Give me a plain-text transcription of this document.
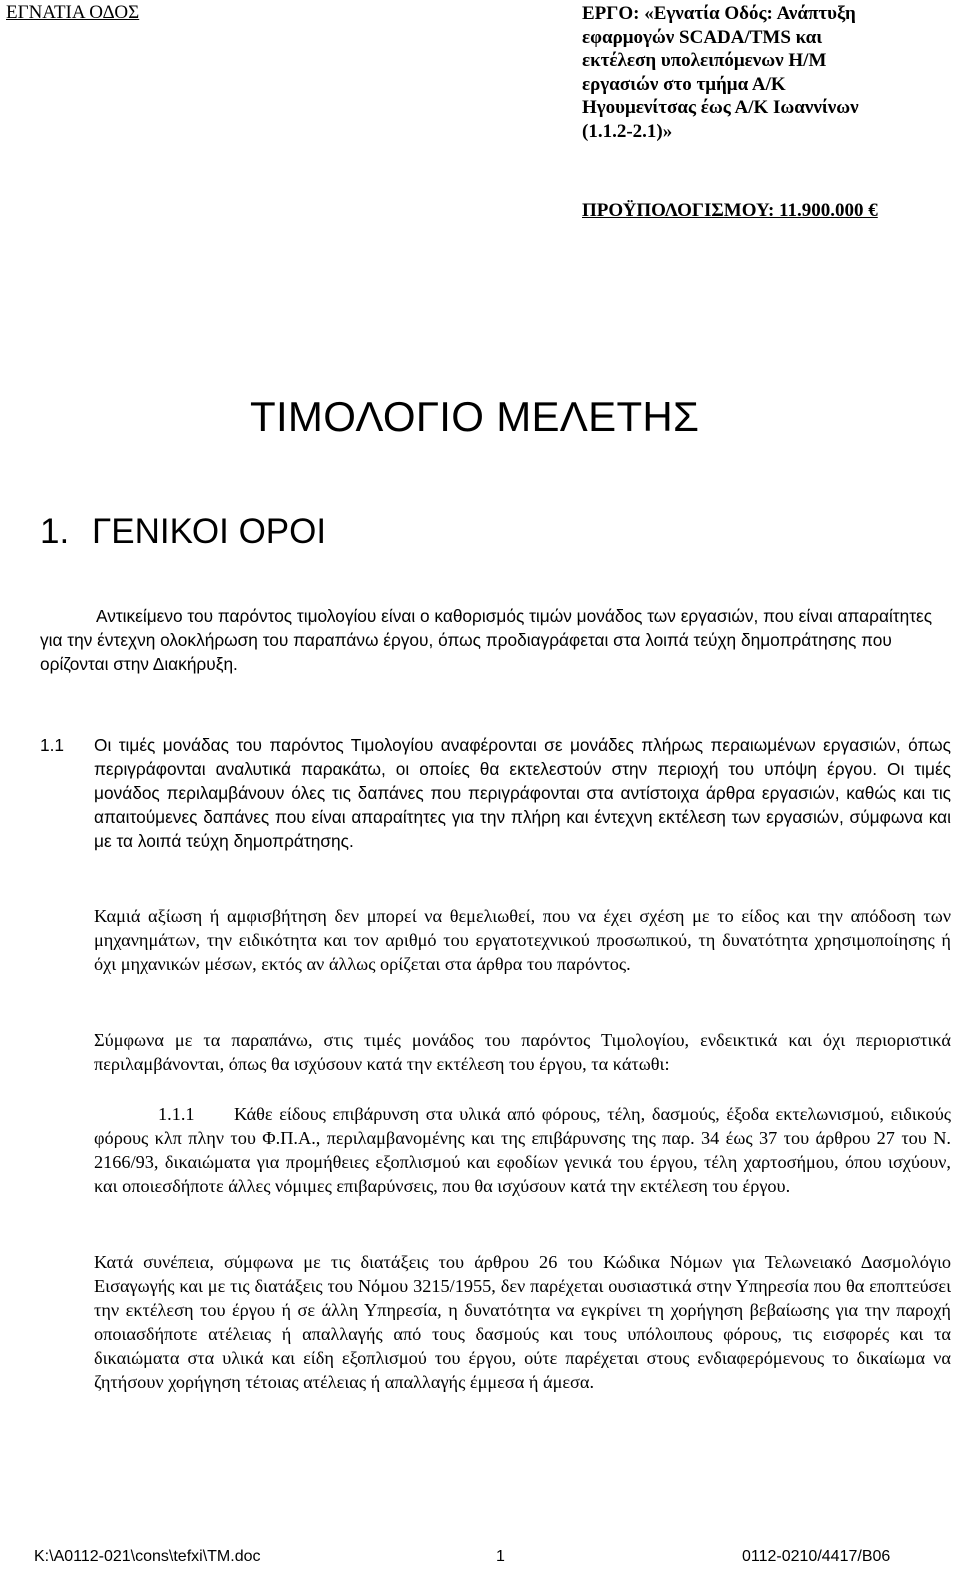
ΕΓΝΑΤΙΑ ΟΔΟΣ	ΕΡΓΟ: «Εγνατία Οδός: Ανάπτυξη
εφαρμογών SCADA/TMS και
εκτέλεση υπολειπόμενων Η/Μ
εργασιών στο τμήμα Α/Κ
Ηγουμενίτσας έως Α/Κ Ιωαννίνων
(1.1.2-2.1)»
ΠΡΟΫΠΟΛΟΓΙΣΜΟΥ: 11.900.000 €
ΤΙΜΟΛΟΓΙΟ ΜΕΛΕΤΗΣ
1. ΓΕΝΙΚΟΙ ΟΡΟΙ

Αντικείμενο του παρόντος τιμολογίου είναι ο καθορισμός τιμών μονάδος των εργασιών, που είναι απαραίτητες για την έντεχνη ολοκλήρωση του παραπάνω έργου, όπως προδιαγράφεται στα λοιπά τεύχη δημοπράτησης που ορίζονται στην Διακήρυξη.

1.1 Οι τιμές μονάδας του παρόντος Τιμολογίου αναφέρονται σε μονάδες πλήρως περαιωμένων εργασιών, όπως περιγράφονται αναλυτικά παρακάτω, οι οποίες θα εκτελεστούν στην περιοχή του υπόψη έργου. Οι τιμές μονάδος περιλαμβάνουν όλες τις δαπάνες που περιγράφονται στα αντίστοιχα άρθρα εργασιών, καθώς και τις απαιτούμενες δαπάνες που είναι απαραίτητες για την πλήρη και έντεχνη εκτέλεση των εργασιών, σύμφωνα και με τα λοιπά τεύχη δημοπράτησης.

Καμιά αξίωση ή αμφισβήτηση δεν μπορεί να θεμελιωθεί, που να έχει σχέση με το είδος και την απόδοση των μηχανημάτων, την ειδικότητα και τον αριθμό του εργατοτεχνικού προσωπικού, τη δυνατότητα χρησιμοποίησης ή όχι μηχανικών μέσων, εκτός αν άλλως ορίζεται στα άρθρα του παρόντος.

Σύμφωνα με τα παραπάνω, στις τιμές μονάδος του παρόντος Τιμολογίου, ενδεικτικά και όχι περιοριστικά περιλαμβάνονται, όπως θα ισχύσουν κατά την εκτέλεση του έργου, τα κάτωθι:

1.1.1 Κάθε είδους επιβάρυνση στα υλικά από φόρους, τέλη, δασμούς, έξοδα εκτελωνισμού, ειδικούς φόρους κλπ πλην του Φ.Π.Α., περιλαμβανομένης και της επιβάρυνσης της παρ. 34 έως 37 του άρθρου 27 του Ν. 2166/93, δικαιώματα για προμήθειες εξοπλισμού και εφοδίων γενικά του έργου, τέλη χαρτοσήμου, όπου ισχύουν, και οποιεσδήποτε άλλες νόμιμες επιβαρύνσεις, που θα ισχύσουν κατά την εκτέλεση του έργου.

Κατά συνέπεια, σύμφωνα με τις διατάξεις του άρθρου 26 του Κώδικα Νόμων για Τελωνειακό Δασμολόγιο Εισαγωγής και με τις διατάξεις του Νόμου 3215/1955, δεν παρέχεται ουσιαστικά στην Υπηρεσία που θα εποπτεύσει την εκτέλεση του έργου ή σε άλλη Υπηρεσία, η δυνατότητα να εγκρίνει τη χορήγηση βεβαίωσης για την παροχή οποιασδήποτε ατέλειας ή απαλλαγής από τους δασμούς και τους υπόλοιπους φόρους, τις εισφορές και τα δικαιώματα στα υλικά και είδη εξοπλισμού του έργου, ούτε παρέχεται στους ενδιαφερόμενους το δικαίωμα να ζητήσουν χορήγηση τέτοιας ατέλειας ή απαλλαγής έμμεσα ή άμεσα.

K:\A0112-021\cons\tefxi\TM.doc	1	0112-0210/4417/B06
